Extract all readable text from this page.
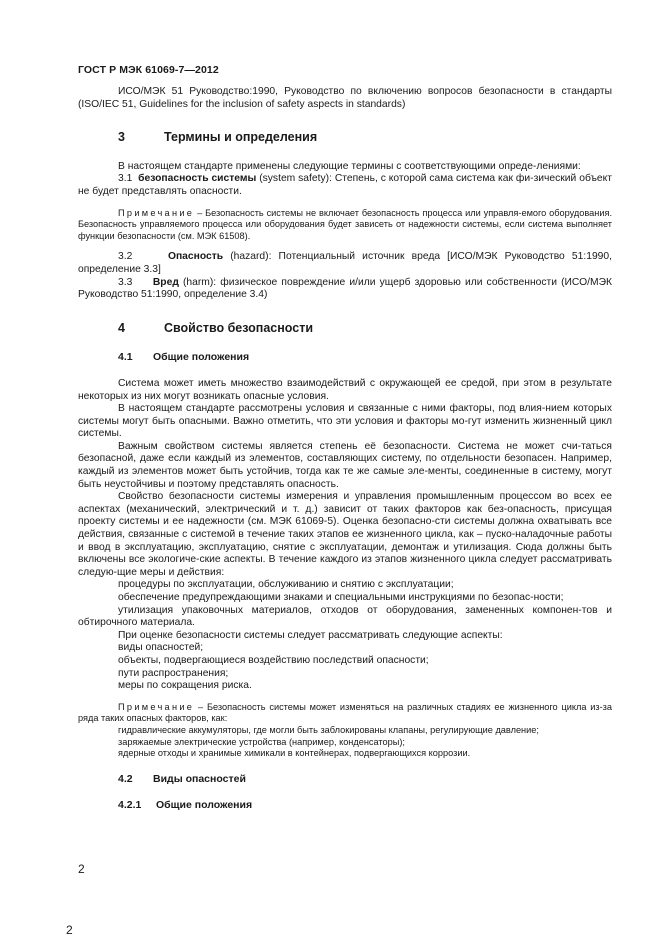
ГОСТ Р МЭК 61069-7—2012

ИСО/МЭК 51 Руководство:1990, Руководство по включению вопросов безопасности в стандарты (ISO/IEC 51, Guidelines for the inclusion of safety aspects in standards)

3	Термины и определения

В настоящем стандарте применены следующие термины с соответствующими опреде-лениями:

3.1 безопасность системы (system safety): Степень, с которой сама система как фи-зический объект не будет представлять опасности.

Примечание – Безопасность системы не включает безопасность процесса или управля-емого оборудования. Безопасность управляемого процесса или оборудования будет зависеть от надежности системы, если система выполняет функции безопасности (см. МЭК 61508).

3.2	Опасность (hazard): Потенциальный источник вреда [ИСО/МЭК Руководство 51:1990, определение 3.3]

3.3 Вред (harm): физическое повреждение и/или ущерб здоровью или собственности (ИСО/МЭК Руководство 51:1990, определение 3.4)

4	Свойство безопасности
4.1	Общие положения

Система может иметь множество взаимодействий с окружающей ее средой, при этом в результате некоторых из них могут возникать опасные условия.

В настоящем стандарте рассмотрены условия и связанные с ними факторы, под влия-нием которых системы могут быть опасными. Важно отметить, что эти условия и факторы мо-гут изменить жизненный цикл системы.

Важным свойством системы является степень её безопасности. Система не может счи-таться безопасной, даже если каждый из элементов, составляющих систему, по отдельности безопасен. Например, каждый из элементов может быть устойчив, тогда как те же самые эле-менты, соединенные в систему, могут быть неустойчивы и поэтому представлять опасность.

Свойство безопасности системы измерения и управления промышленным процессом во всех ее аспектах (механический, электрический и т. д.) зависит от таких факторов как без-опасность, присущая проекту системы и ее надежности (см. МЭК 61069-5). Оценка безопасно-сти системы должна охватывать все действия, связанные с системой в течение таких этапов ее жизненного цикла, как – пуско-наладочные работы и ввод в эксплуатацию, эксплуатацию, снятие с эксплуатации, демонтаж и утилизация. Сюда должны быть включены все экологиче-ские аспекты. В течение каждого из этапов жизненного цикла следует рассматривать следую-щие меры и действия:

процедуры по эксплуатации, обслуживанию и снятию с эксплуатации;

обеспечение предупреждающими знаками и специальными инструкциями по безопас-ности;

утилизация упаковочных материалов, отходов от оборудования, замененных компонен-тов и обтирочного материала.

При оценке безопасности системы следует рассматривать следующие аспекты:

виды опасностей;

объекты, подвергающиеся воздействию последствий опасности;

пути распространения;

меры по сокращения риска.

Примечание – Безопасность системы может изменяться на различных стадиях ее жизненного цикла из-за ряда таких опасных факторов, как:

гидравлические аккумуляторы, где могли быть заблокированы клапаны, регулирующие давление;

заряжаемые электрические устройства (например, конденсаторы);

ядерные отходы и хранимые химикали в контейнерах, подвергающихся коррозии.

4.2	Виды опасностей
4.2.1	Общие положения
2
2
